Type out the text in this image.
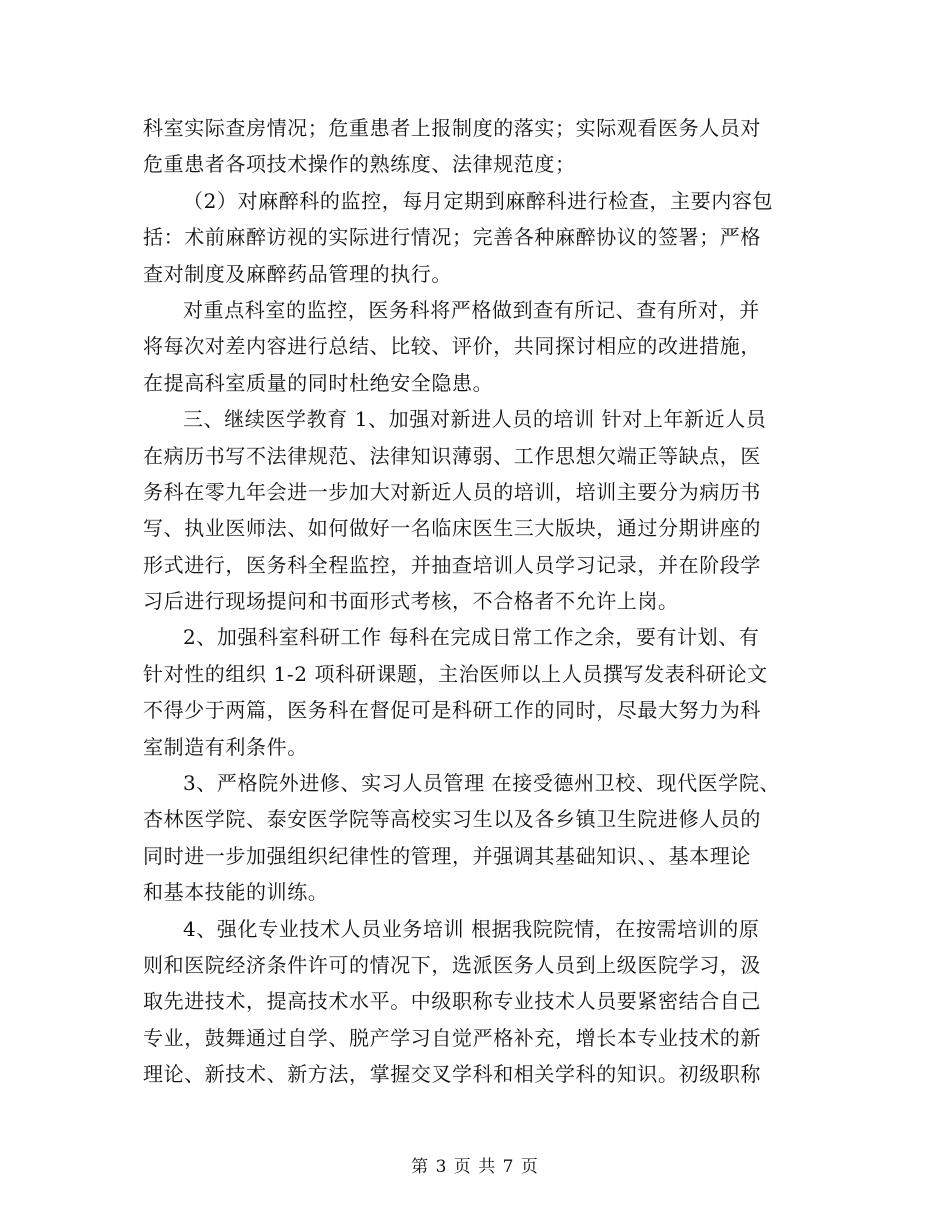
科室实际查房情况；危重患者上报制度的落实；实际观看医务人员对
危重患者各项技术操作的熟练度、法律规范度；
（2）对麻醉科的监控，每月定期到麻醉科进行检查，主要内容包
括：术前麻醉访视的实际进行情况；完善各种麻醉协议的签署；严格
查对制度及麻醉药品管理的执行。
对重点科室的监控，医务科将严格做到查有所记、查有所对，并
将每次对差内容进行总结、比较、评价，共同探讨相应的改进措施，
在提高科室质量的同时杜绝安全隐患。
三、继续医学教育 1、加强对新进人员的培训 针对上年新近人员
在病历书写不法律规范、法律知识薄弱、工作思想欠端正等缺点，医
务科在零九年会进一步加大对新近人员的培训，培训主要分为病历书
写、执业医师法、如何做好一名临床医生三大版块，通过分期讲座的
形式进行，医务科全程监控，并抽查培训人员学习记录，并在阶段学
习后进行现场提问和书面形式考核，不合格者不允许上岗。
2、加强科室科研工作 每科在完成日常工作之余，要有计划、有
针对性的组织 1-2 项科研课题，主治医师以上人员撰写发表科研论文
不得少于两篇，医务科在督促可是科研工作的同时，尽最大努力为科
室制造有利条件。
3、严格院外进修、实习人员管理 在接受德州卫校、现代医学院、
杏林医学院、泰安医学院等高校实习生以及各乡镇卫生院进修人员的
同时进一步加强组织纪律性的管理，并强调其基础知识、、基本理论
和基本技能的训练。
4、强化专业技术人员业务培训 根据我院院情，在按需培训的原
则和医院经济条件许可的情况下，选派医务人员到上级医院学习，汲
取先进技术，提高技术水平。中级职称专业技术人员要紧密结合自己
专业，鼓舞通过自学、脱产学习自觉严格补充，增长本专业技术的新
理论、新技术、新方法，掌握交叉学科和相关学科的知识。初级职称
第 3 页 共 7 页
